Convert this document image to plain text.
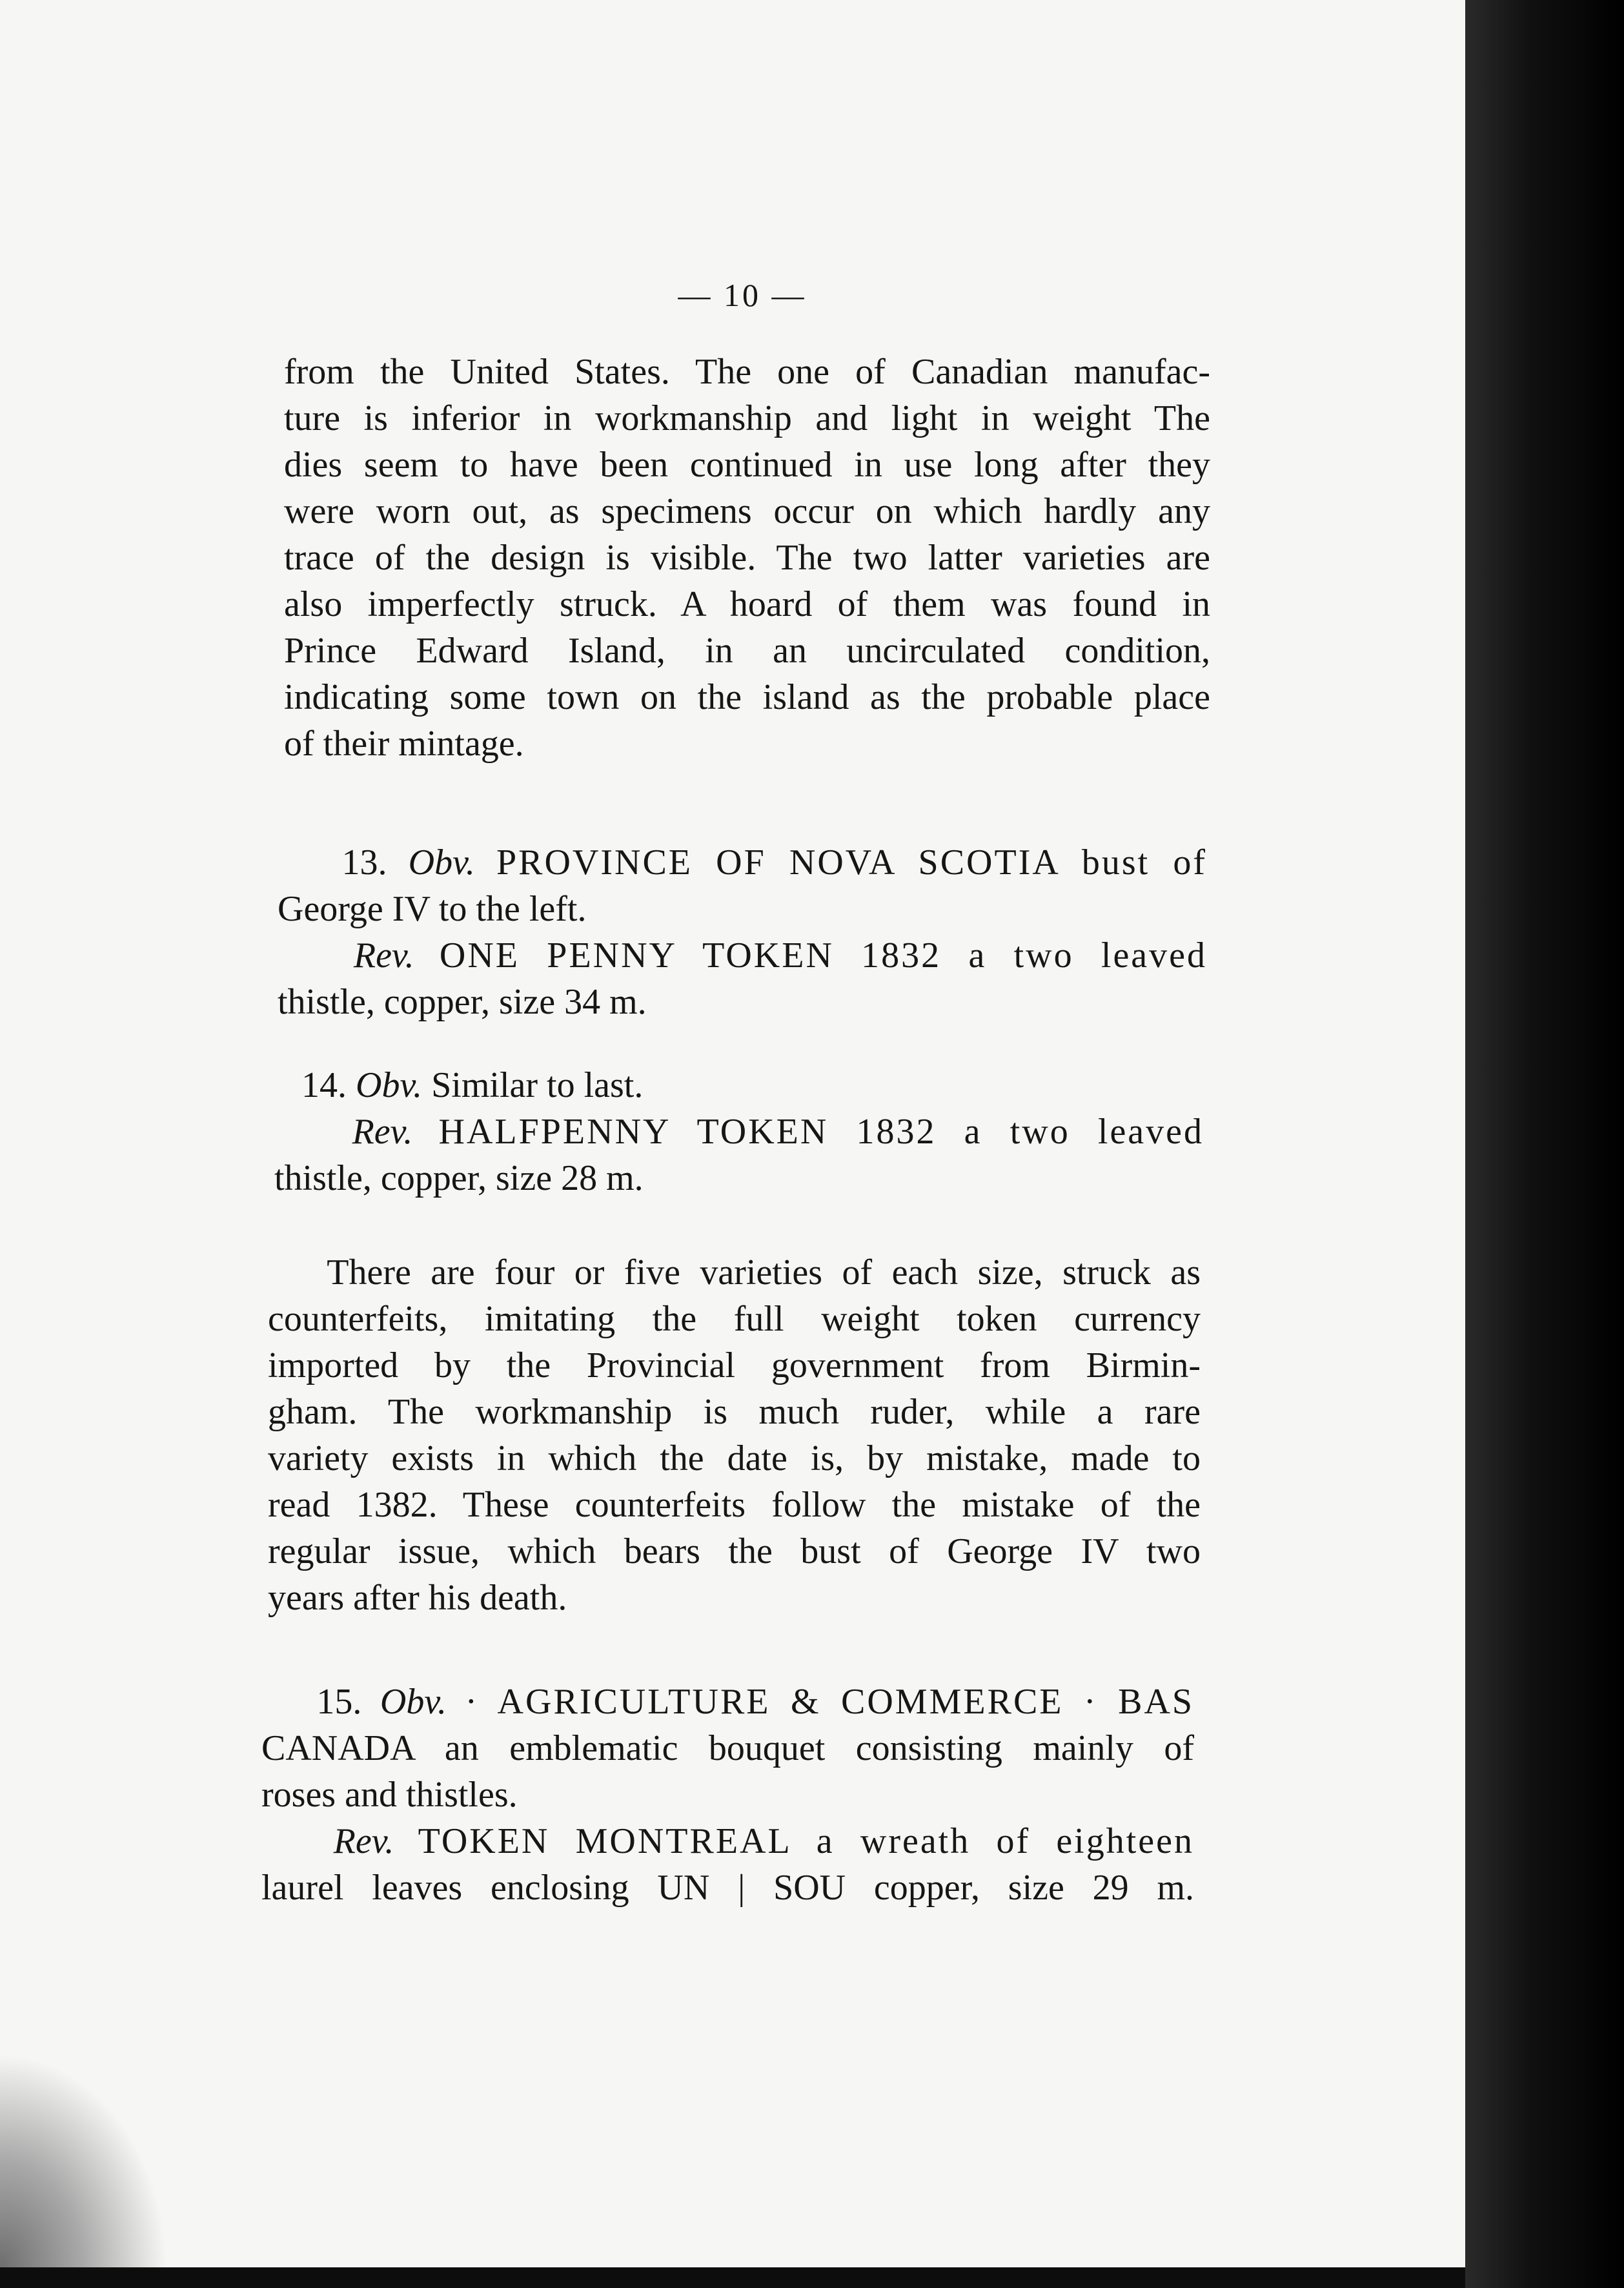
— 10 —
from the United States. The one of Canadian manufac-
ture is inferior in workmanship and light in weight The
dies seem to have been continued in use long after they
were worn out, as specimens occur on which hardly any
trace of the design is visible. The two latter varieties are
also imperfectly struck. A hoard of them was found in
Prince Edward Island, in an uncirculated condition,
indicating some town on the island as the probable place
of their mintage.
13. Obv. PROVINCE OF NOVA SCOTIA bust of
George IV to the left.
Rev. ONE PENNY TOKEN 1832 a two leaved
thistle, copper, size 34 m.
14. Obv. Similar to last.
Rev. HALFPENNY TOKEN 1832 a two leaved
thistle, copper, size 28 m.
There are four or five varieties of each size, struck as
counterfeits, imitating the full weight token currency
imported by the Provincial government from Birmin-
gham. The workmanship is much ruder, while a rare
variety exists in which the date is, by mistake, made to
read 1382. These counterfeits follow the mistake of the
regular issue, which bears the bust of George IV two
years after his death.
15. Obv. · AGRICULTURE & COMMERCE · BAS
CANADA an emblematic bouquet consisting mainly of
roses and thistles.
Rev. TOKEN MONTREAL a wreath of eighteen
laurel leaves enclosing UN | SOU copper, size 29 m.
